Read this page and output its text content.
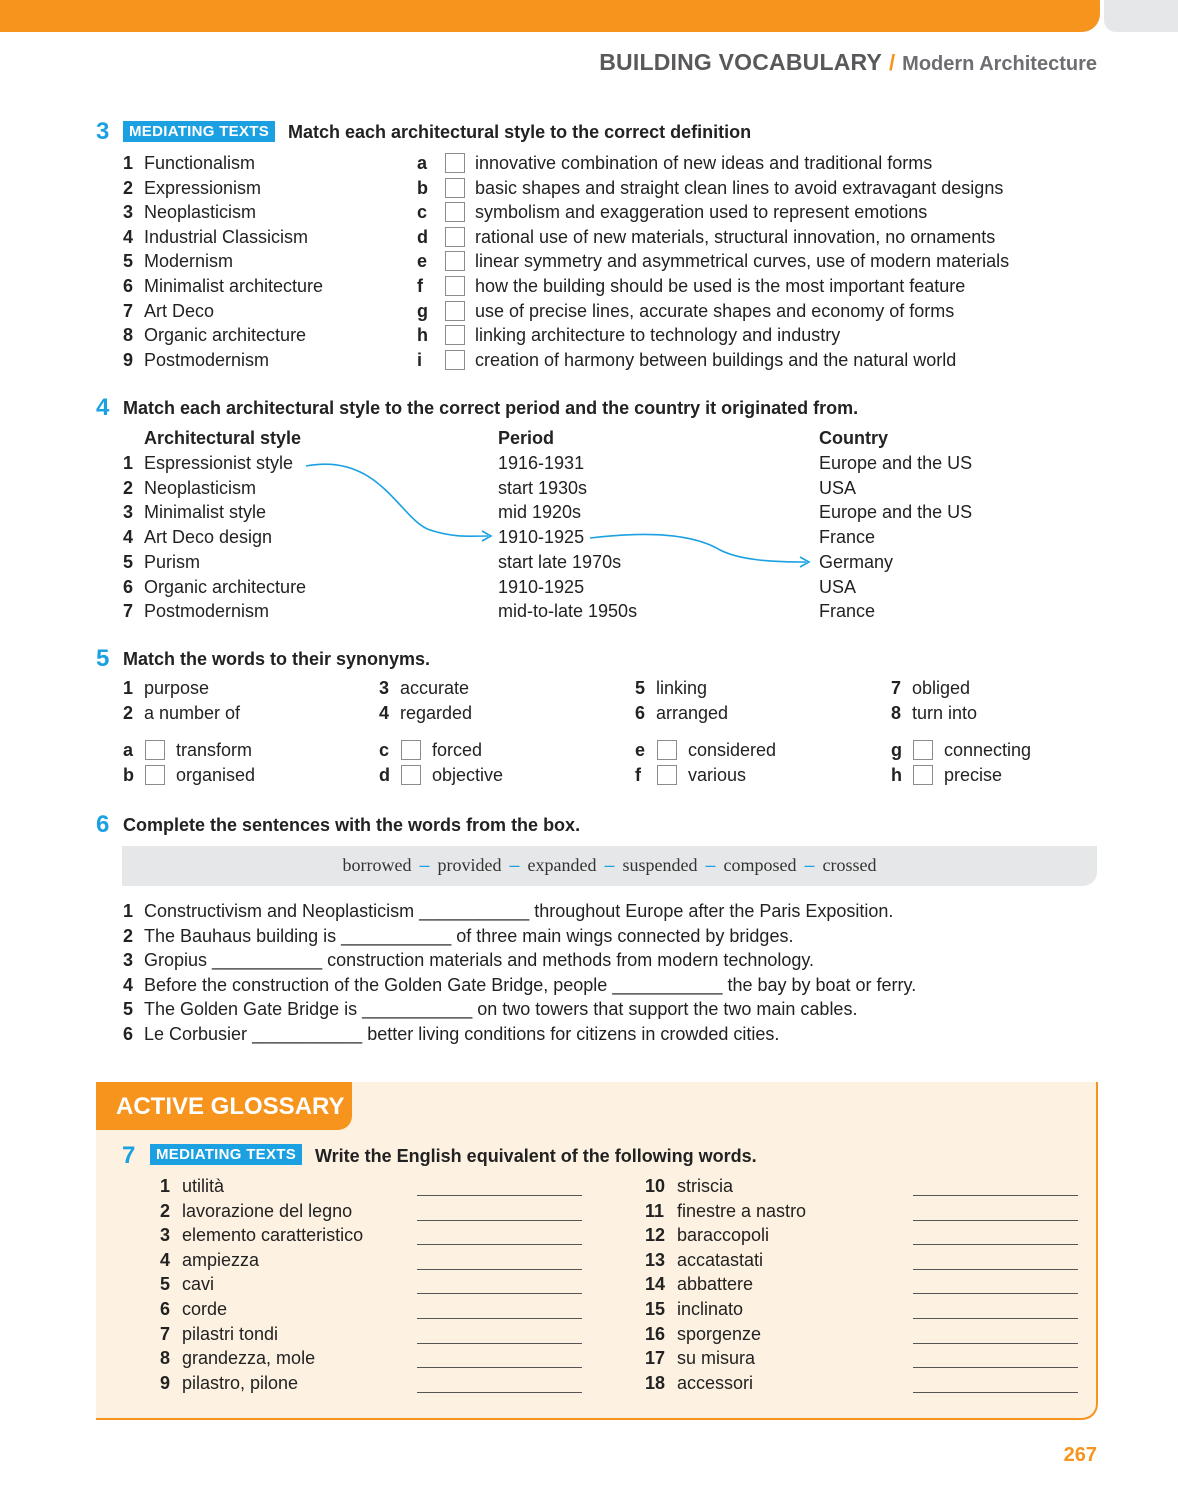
BUILDING VOCABULARY / Modern Architecture
3	MEDIATING TEXTS	Match each architectural style to the correct definition
1 Functionalism
2 Expressionism
3 Neoplasticism
4 Industrial Classicism
5 Modernism
6 Minimalist architecture
7 Art Deco
8 Organic architecture
9 Postmodernism
a	innovative combination of new ideas and traditional forms
b	basic shapes and straight clean lines to avoid extravagant designs
c	symbolism and exaggeration used to represent emotions
d	rational use of new materials, structural innovation, no ornaments
e	linear symmetry and asymmetrical curves, use of modern materials
f	how the building should be used is the most important feature
g	use of precise lines, accurate shapes and economy of forms
h	linking architecture to technology and industry
i	creation of harmony between buildings and the natural world
4 Match each architectural style to the correct period and the country it originated from.
Architectural style	Period	Country
1 Espressionist style	1916-1931	Europe and the US
2 Neoplasticism	start 1930s	USA
3 Minimalist style	mid 1920s	Europe and the US
4 Art Deco design	1910-1925	France
5 Purism	start late 1970s	Germany
6 Organic architecture	1910-1925	USA
7 Postmodernism	mid-to-late 1950s	France
5 Match the words to their synonyms.
1 purpose
2 a number of
3 accurate
4 regarded
5 linking
6 arranged
7 obliged
8 turn into
a transform
b organised
c forced
d objective
e considered
f	various
g connecting
h precise
6 Complete the sentences with the words from the box.
borrowed – provided – expanded – suspended – composed – crossed
1 Constructivism and Neoplasticism ___________ throughout Europe after the Paris Exposition.
2 The Bauhaus building is ___________ of three main wings connected by bridges.
3 Gropius ___________ construction materials and methods from modern technology.
4 Before the construction of the Golden Gate Bridge, people ___________ the bay by boat or ferry.
5 The Golden Gate Bridge is ___________ on two towers that support the two main cables.
6 Le Corbusier ___________ better living conditions for citizens in crowded cities.
ACTIVE GLOSSARY
7	MEDIATING TEXTS	Write the English equivalent of the following words.
1 utilità
2 lavorazione del legno
3 elemento caratteristico
4 ampiezza
5 cavi
6 corde
7 pilastri tondi
8 grandezza, mole
9 pilastro, pilone
10 striscia
11 finestre a nastro
12 baraccopoli
13 accatastati
14 abbattere
15 inclinato
16 sporgenze
17 su misura
18 accessori
267
